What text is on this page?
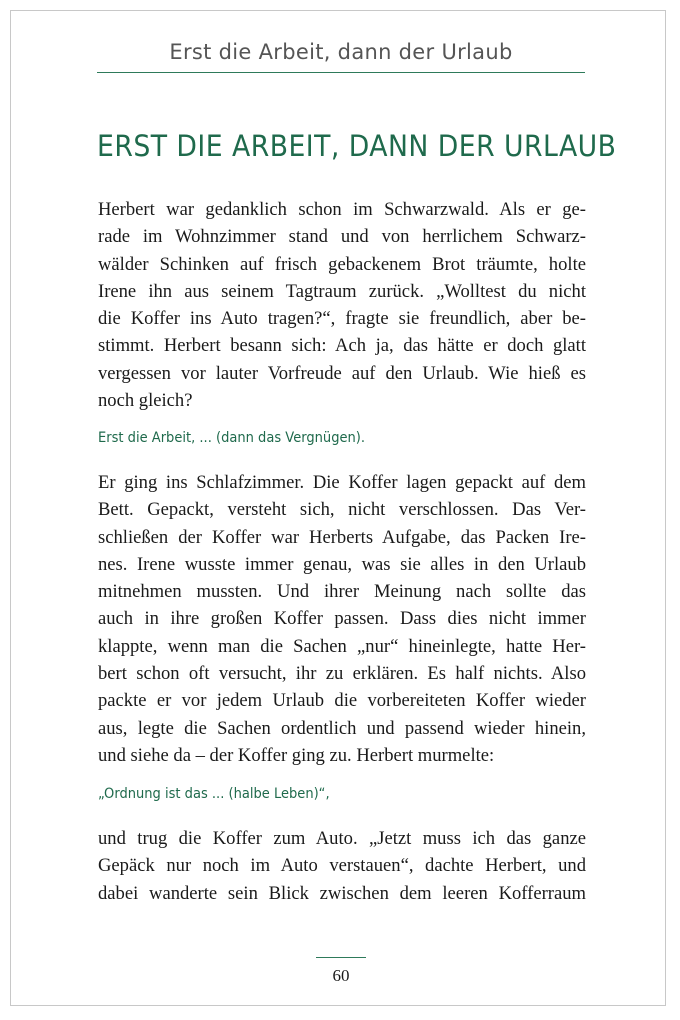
Erst die Arbeit, dann der Urlaub
ERST DIE ARBEIT, DANN DER URLAUB
Herbert war gedanklich schon im Schwarzwald. Als er ge-
rade im Wohnzimmer stand und von herrlichem Schwarz-
wälder Schinken auf frisch gebackenem Brot träumte, holte
Irene ihn aus seinem Tagtraum zurück. „Wolltest du nicht
die Koffer ins Auto tragen?“, fragte sie freundlich, aber be-
stimmt. Herbert besann sich: Ach ja, das hätte er doch glatt
vergessen vor lauter Vorfreude auf den Urlaub. Wie hieß es
noch gleich?
Erst die Arbeit, ... (dann das Vergnügen).
Er ging ins Schlafzimmer. Die Koffer lagen gepackt auf dem
Bett. Gepackt, versteht sich, nicht verschlossen. Das Ver-
schließen der Koffer war Herberts Aufgabe, das Packen Ire-
nes. Irene wusste immer genau, was sie alles in den Urlaub
mitnehmen mussten. Und ihrer Meinung nach sollte das
auch in ihre großen Koffer passen. Dass dies nicht immer
klappte, wenn man die Sachen „nur“ hineinlegte, hatte Her-
bert schon oft versucht, ihr zu erklären. Es half nichts. Also
packte er vor jedem Urlaub die vorbereiteten Koffer wieder
aus, legte die Sachen ordentlich und passend wieder hinein,
und siehe da – der Koffer ging zu. Herbert murmelte:
„Ordnung ist das ... (halbe Leben)“,
und trug die Koffer zum Auto. „Jetzt muss ich das ganze
Gepäck nur noch im Auto verstauen“, dachte Herbert, und
dabei wanderte sein Blick zwischen dem leeren Kofferraum
60
